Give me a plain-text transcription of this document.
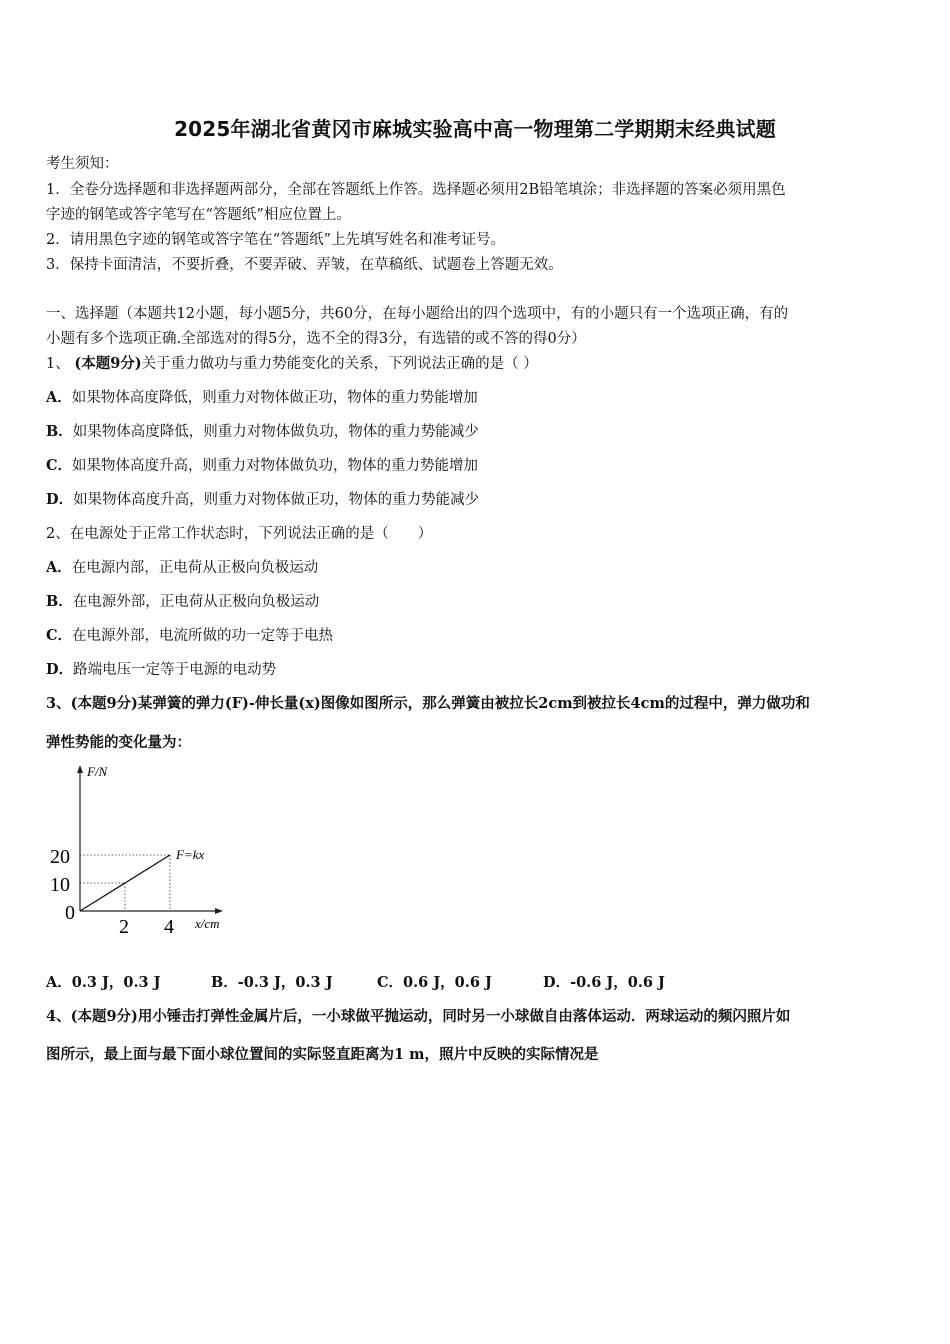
2025年湖北省黄冈市麻城实验高中高一物理第二学期期末经典试题
考生须知：
1．全卷分选择题和非选择题两部分，全部在答题纸上作答。选择题必须用2B铅笔填涂；非选择题的答案必须用黑色
字迹的钢笔或答字笔写在“答题纸”相应位置上。
2．请用黑色字迹的钢笔或答字笔在“答题纸”上先填写姓名和准考证号。
3．保持卡面清洁，不要折叠，不要弄破、弄皱，在草稿纸、试题卷上答题无效。
一、选择题（本题共12小题，每小题5分，共60分，在每小题给出的四个选项中，有的小题只有一个选项正确，有的
小题有多个选项正确.全部选对的得5分，选不全的得3分，有选错的或不答的得0分）
1、 (本题9分)关于重力做功与重力势能变化的关系，下列说法正确的是（ ）
A．如果物体高度降低，则重力对物体做正功，物体的重力势能增加
B．如果物体高度降低，则重力对物体做负功，物体的重力势能减少
C．如果物体高度升高，则重力对物体做负功，物体的重力势能增加
D．如果物体高度升高，则重力对物体做正功，物体的重力势能减少
2、在电源处于正常工作状态时，下列说法正确的是（　　）
A．在电源内部，正电荷从正极向负极运动
B．在电源外部，正电荷从正极向负极运动
C．在电源外部，电流所做的功一定等于电热
D．路端电压一定等于电源的电动势
3、(本题9分)某弹簧的弹力(F)-伸长量(x)图像如图所示，那么弹簧由被拉长2cm到被拉长4cm的过程中，弹力做功和
弹性势能的变化量为：
F/N
x/cm
0
2
10
4
20	F=kx
A．0.3 J，0.3 J	B．-0.3 J，0.3 J	C．0.6 J，0.6 J	D．-0.6 J，0.6 J
4、(本题9分)用小锤击打弹性金属片后，一小球做平抛运动，同时另一小球做自由落体运动．两球运动的频闪照片如
图所示，最上面与最下面小球位置间的实际竖直距离为1 m，照片中反映的实际情况是
